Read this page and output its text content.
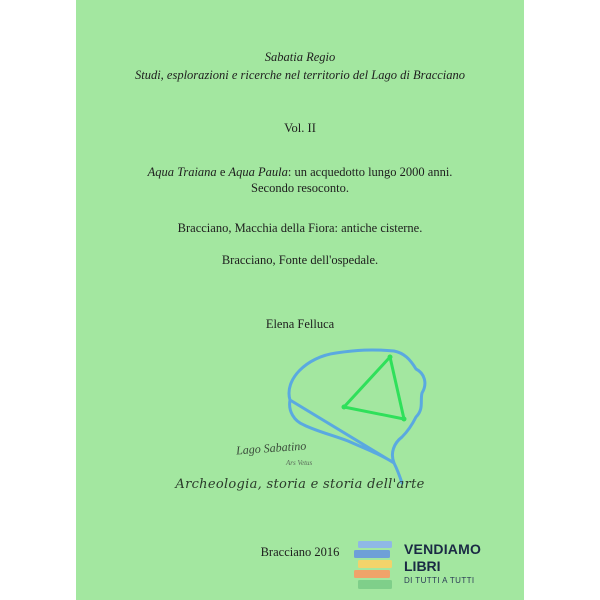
Sabatia Regio
Studi, esplorazioni e ricerche nel territorio del Lago di Bracciano
Vol. II
Aqua Traiana e Aqua Paula: un acquedotto lungo 2000 anni.
Secondo resoconto.
Bracciano, Macchia della Fiora: antiche cisterne.
Bracciano, Fonte dell'ospedale.
Elena Felluca
Lago Sabatino
Ars Vetus
Archeologia, storia e storia dell'arte
Bracciano 2016	VENDIAMO
LIBRI
DI TUTTI A TUTTI
